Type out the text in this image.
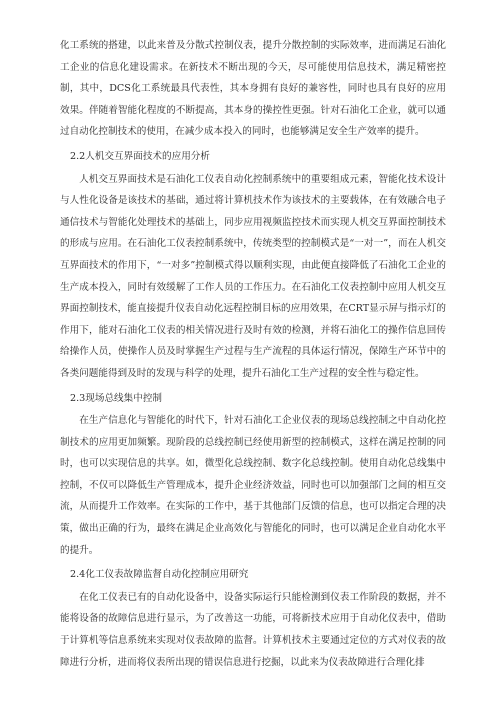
化工系统的搭建，以此来普及分散式控制仪表，提升分散控制的实际效率，进而满足石油化工企业的信息化建设需求。在新技术不断出现的今天，尽可能使用信息技术，满足精密控制，其中，DCS化工系统最具代表性，其本身拥有良好的兼容性，同时也具有良好的应用效果。伴随着智能化程度的不断提高，其本身的操控性更强。针对石油化工企业，就可以通过自动化控制技术的使用，在减少成本投入的同时，也能够满足安全生产效率的提升。

2.2人机交互界面技术的应用分析

人机交互界面技术是石油化工仪表自动化控制系统中的重要组成元素，智能化技术设计与人性化设备是该技术的基础，通过将计算机技术作为该技术的主要载体，在有效融合电子通信技术与智能化处理技术的基础上，同步应用视频监控技术而实现人机交互界面控制技术的形成与应用。在石油化工仪表控制系统中，传统类型的控制模式是“一对一”，而在人机交互界面技术的作用下，“一对多”控制模式得以顺利实现，由此便直接降低了石油化工企业的生产成本投入，同时有效缓解了工作人员的工作压力。在石油化工仪表控制中应用人机交互界面控制技术，能直接提升仪表自动化远程控制目标的应用效果，在CRT显示屏与指示灯的作用下，能对石油化工仪表的相关情况进行及时有效的检测，并将石油化工的操作信息回传给操作人员，使操作人员及时掌握生产过程与生产流程的具体运行情况，保障生产环节中的各类问题能得到及时的发现与科学的处理，提升石油化工生产过程的安全性与稳定性。

2.3现场总线集中控制

在生产信息化与智能化的时代下，针对石油化工企业仪表的现场总线控制之中自动化控制技术的应用更加频繁。现阶段的总线控制已经使用新型的控制模式，这样在满足控制的同时，也可以实现信息的共享。如，微型化总线控制、数字化总线控制。使用自动化总线集中控制，不仅可以降低生产管理成本，提升企业经济效益，同时也可以加强部门之间的相互交流，从而提升工作效率。在实际的工作中，基于其他部门反馈的信息，也可以指定合理的决策，做出正确的行为，最终在满足企业高效化与智能化的同时，也可以满足企业自动化水平的提升。

2.4化工仪表故障监督自动化控制应用研究

在化工仪表已有的自动化设备中，设备实际运行只能检测到仪表工作阶段的数据，并不能将设备的故障信息进行显示，为了改善这一功能，可将新技术应用于自动化仪表中，借助于计算机等信息系统来实现对仪表故障的监督。计算机技术主要通过定位的方式对仪表的故障进行分析，进而将仪表所出现的错误信息进行挖掘，以此来为仪表故障进行合理化排
